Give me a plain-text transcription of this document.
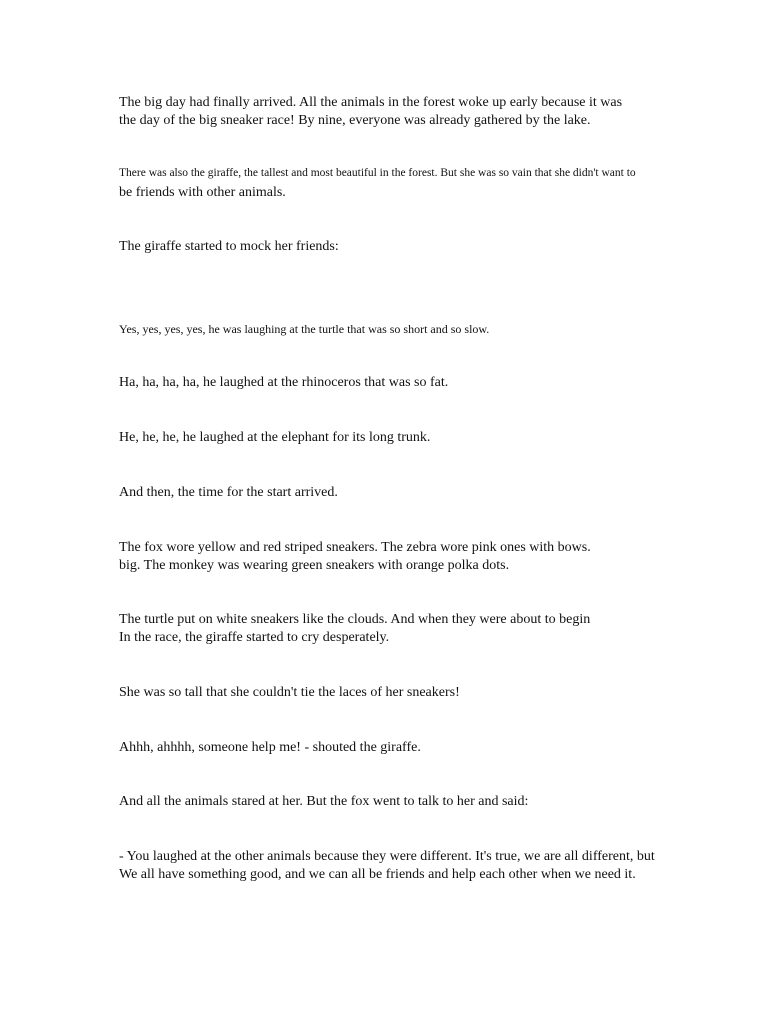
The big day had finally arrived. All the animals in the forest woke up early because it was
the day of the big sneaker race! By nine, everyone was already gathered by the lake.

There was also the giraffe, the tallest and most beautiful in the forest. But she was so vain that she didn't want to
be friends with other animals.

The giraffe started to mock her friends:

Yes, yes, yes, yes, he was laughing at the turtle that was so short and so slow.

Ha, ha, ha, ha, he laughed at the rhinoceros that was so fat.

He, he, he, he laughed at the elephant for its long trunk.

And then, the time for the start arrived.

The fox wore yellow and red striped sneakers. The zebra wore pink ones with bows.
big. The monkey was wearing green sneakers with orange polka dots.

The turtle put on white sneakers like the clouds. And when they were about to begin
In the race, the giraffe started to cry desperately.

She was so tall that she couldn't tie the laces of her sneakers!

Ahhh, ahhhh, someone help me! - shouted the giraffe.

And all the animals stared at her. But the fox went to talk to her and said:

- You laughed at the other animals because they were different. It's true, we are all different, but
We all have something good, and we can all be friends and help each other when we need it.
